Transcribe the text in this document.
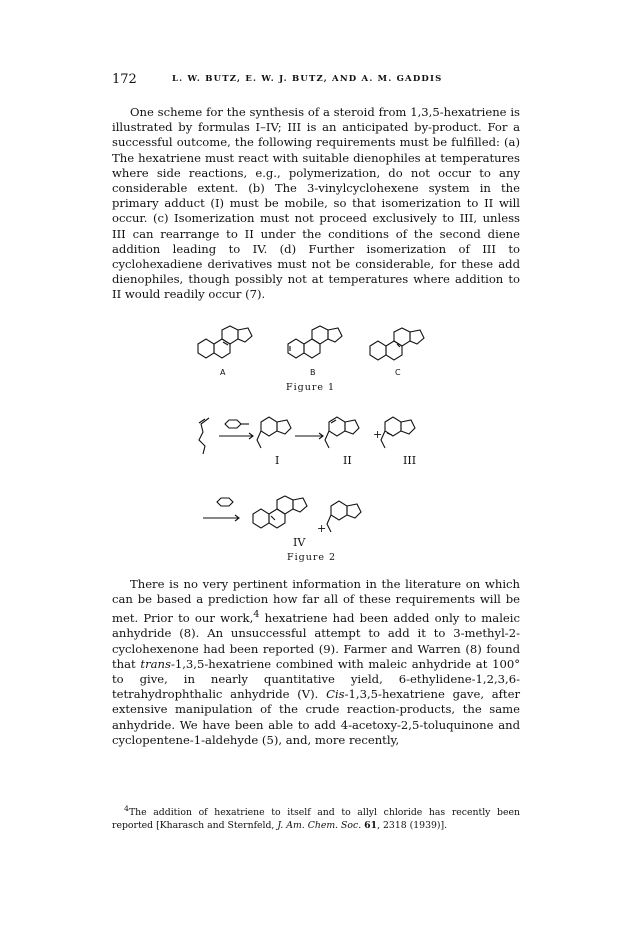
172	L. W. BUTZ, E. W. J. BUTZ, AND A. M. GADDIS

One scheme for the synthesis of a steroid from 1,3,5-hexatriene is illustrated by formulas I–IV; III is an anticipated by-product. For a successful outcome, the following requirements must be fulfilled: (a) The hexatriene must react with suitable dienophiles at temperatures where side reactions, e.g., polymerization, do not occur to any considerable extent. (b) The 3-vinylcyclohexene system in the primary adduct (I) must be mobile, so that isomerization to II will occur. (c) Isomerization must not proceed exclusively to III, unless III can rearrange to II under the conditions of the second diene addition leading to IV. (d) Further isomerization of III to cyclohexadiene derivatives must not be considerable, for these add dienophiles, though possibly not at temperatures where addition to II would readily occur (7).

A	B	C
Figure 1
I	II	III
+
+
IV
Figure 2

There is no very pertinent information in the literature on which can be based a prediction how far all of these requirements will be met. Prior to our work,$^4$ hexatriene had been added only to maleic anhydride (8). An unsuccessful attempt to add it to 3-methyl-2-cyclohexenone had been reported (9). Farmer and Warren (8) found that trans-1,3,5-hexatriene combined with maleic anhydride at 100° to give, in nearly quantitative yield, 6-ethylidene-1,2,3,6-tetrahydrophthalic anhydride (V). Cis-1,3,5-hexatriene gave, after extensive manipulation of the crude reaction-products, the same anhydride. We have been able to add 4-acetoxy-2,5-toluquinone and cyclopentene-1-aldehyde (5), and, more recently,

$^4$The addition of hexatriene to itself and to allyl chloride has recently been reported [Kharasch and Sternfeld, J. Am. Chem. Soc. 61, 2318 (1939)].
